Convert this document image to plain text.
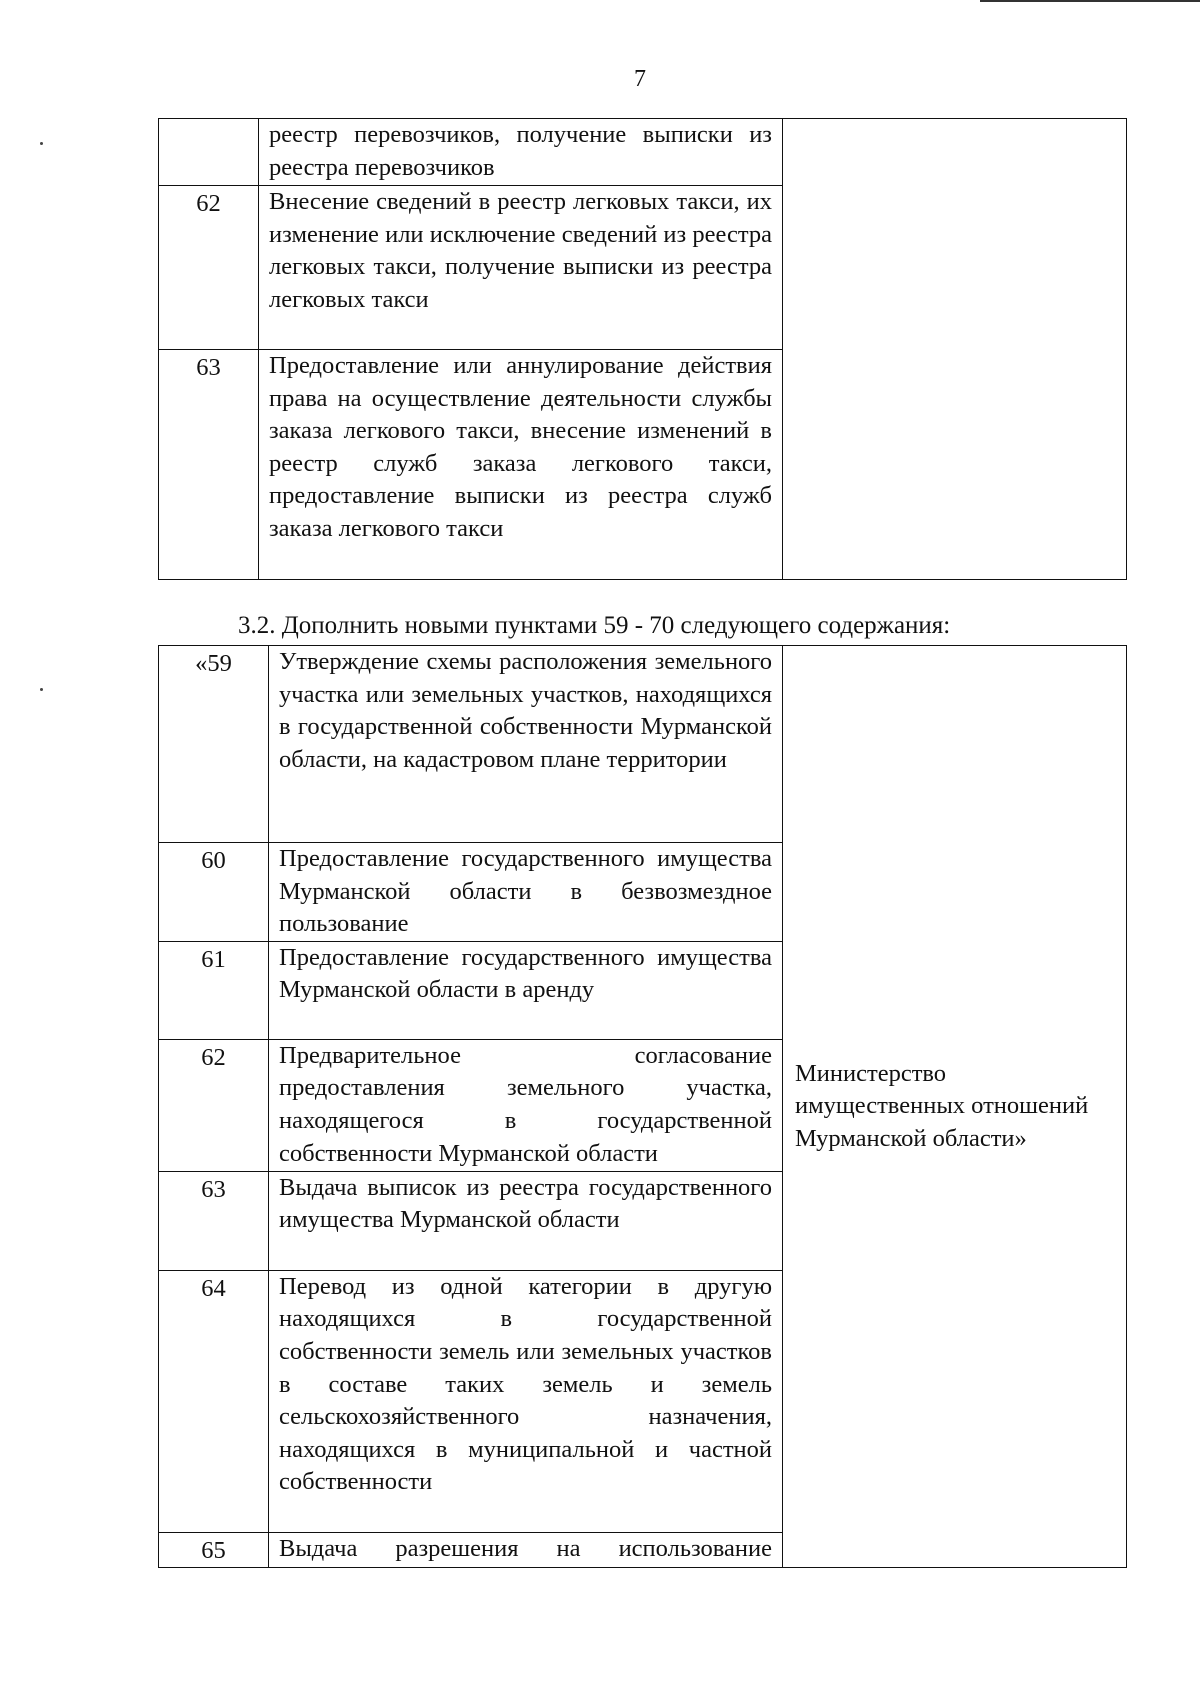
7
	реестр перевозчиков, получение выписки из реестра перевозчиков	
62	Внесение сведений в реестр легковых такси, их изменение или исключение сведений из реестра легковых такси, получение выписки из реестра легковых такси	
63	Предоставление или аннулирование действия права на осуществление деятельности службы заказа легкового такси, внесение изменений в реестр служб заказа легкового такси, предоставление выписки из реестра служб заказа легкового такси	
3.2. Дополнить новыми пунктами 59 - 70 следующего содержания:
«59	Утверждение схемы расположения земельного участка или земельных участков, находящихся в государственной собственности Мурманской области, на кадастровом плане территории	Министерство имущественных отношений Мурманской области»
60	Предоставление государственного имущества Мурманской области в безвозмездное пользование	
61	Предоставление государственного имущества Мурманской области в аренду	
62	Предварительное согласование предоставления земельного участка, находящегося в государственной собственности Мурманской области	
63	Выдача выписок из реестра государственного имущества Мурманской области	
64	Перевод из одной категории в другую находящихся в государственной собственности земель или земельных участков в составе таких земель и земель сельскохозяйственного назначения, находящихся в муниципальной и частной собственности	
65	Выдача разрешения на использование	
